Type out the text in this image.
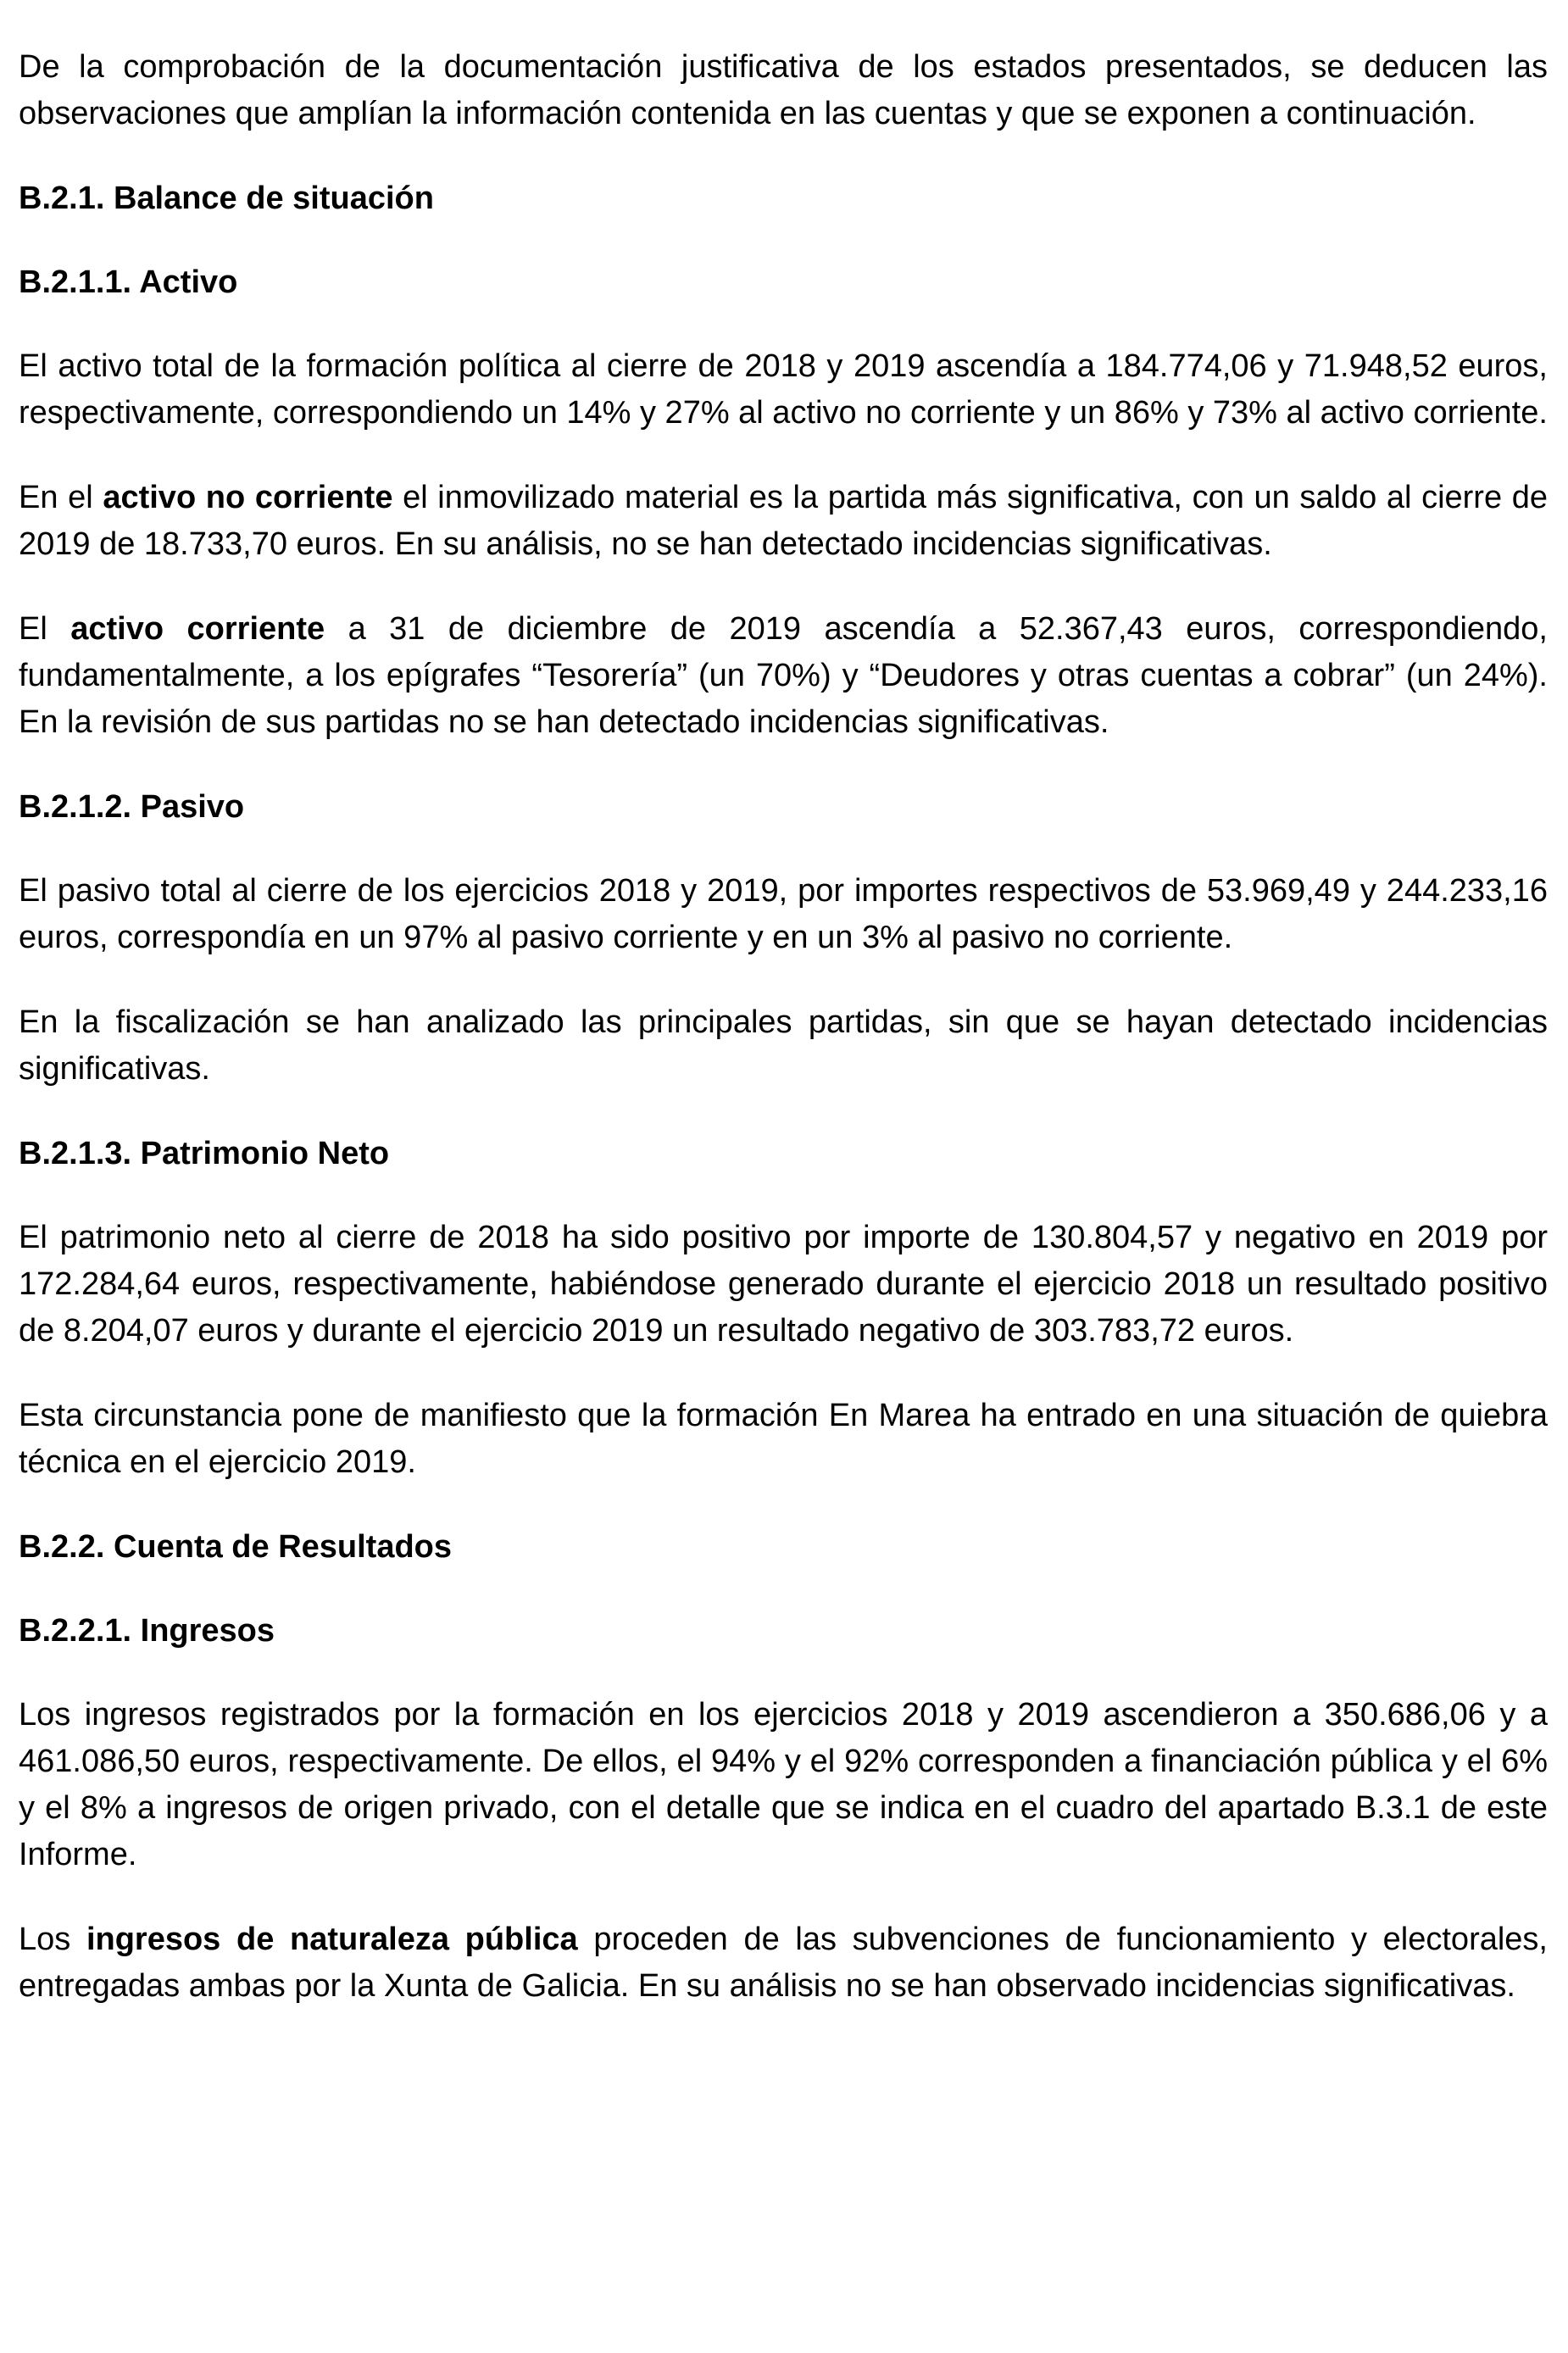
De la comprobación de la documentación justificativa de los estados presentados, se deducen las observaciones que amplían la información contenida en las cuentas y que se exponen a continuación.

B.2.1. Balance de situación
B.2.1.1. Activo

El activo total de la formación política al cierre de 2018 y 2019 ascendía a 184.774,06 y 71.948,52 euros, respectivamente, correspondiendo un 14% y 27% al activo no corriente y un 86% y 73% al activo corriente.

En el activo no corriente el inmovilizado material es la partida más significativa, con un saldo al cierre de 2019 de 18.733,70 euros. En su análisis, no se han detectado incidencias significativas.

El activo corriente a 31 de diciembre de 2019 ascendía a 52.367,43 euros, correspondiendo, fundamentalmente, a los epígrafes “Tesorería” (un 70%) y “Deudores y otras cuentas a cobrar” (un 24%). En la revisión de sus partidas no se han detectado incidencias significativas.

B.2.1.2. Pasivo

El pasivo total al cierre de los ejercicios 2018 y 2019, por importes respectivos de 53.969,49 y 244.233,16 euros, correspondía en un 97% al pasivo corriente y en un 3% al pasivo no corriente.

En la fiscalización se han analizado las principales partidas, sin que se hayan detectado incidencias significativas.

B.2.1.3. Patrimonio Neto

El patrimonio neto al cierre de 2018 ha sido positivo por importe de 130.804,57 y negativo en 2019 por 172.284,64 euros, respectivamente, habiéndose generado durante el ejercicio 2018 un resultado positivo de 8.204,07 euros y durante el ejercicio 2019 un resultado negativo de 303.783,72 euros.

Esta circunstancia pone de manifiesto que la formación En Marea ha entrado en una situación de quiebra técnica en el ejercicio 2019.

B.2.2. Cuenta de Resultados
B.2.2.1. Ingresos

Los ingresos registrados por la formación en los ejercicios 2018 y 2019 ascendieron a 350.686,06 y a 461.086,50 euros, respectivamente. De ellos, el 94% y el 92% corresponden a financiación pública y el 6% y el 8% a ingresos de origen privado, con el detalle que se indica en el cuadro del apartado B.3.1 de este Informe.

Los ingresos de naturaleza pública proceden de las subvenciones de funcionamiento y electorales, entregadas ambas por la Xunta de Galicia. En su análisis no se han observado incidencias significativas.
